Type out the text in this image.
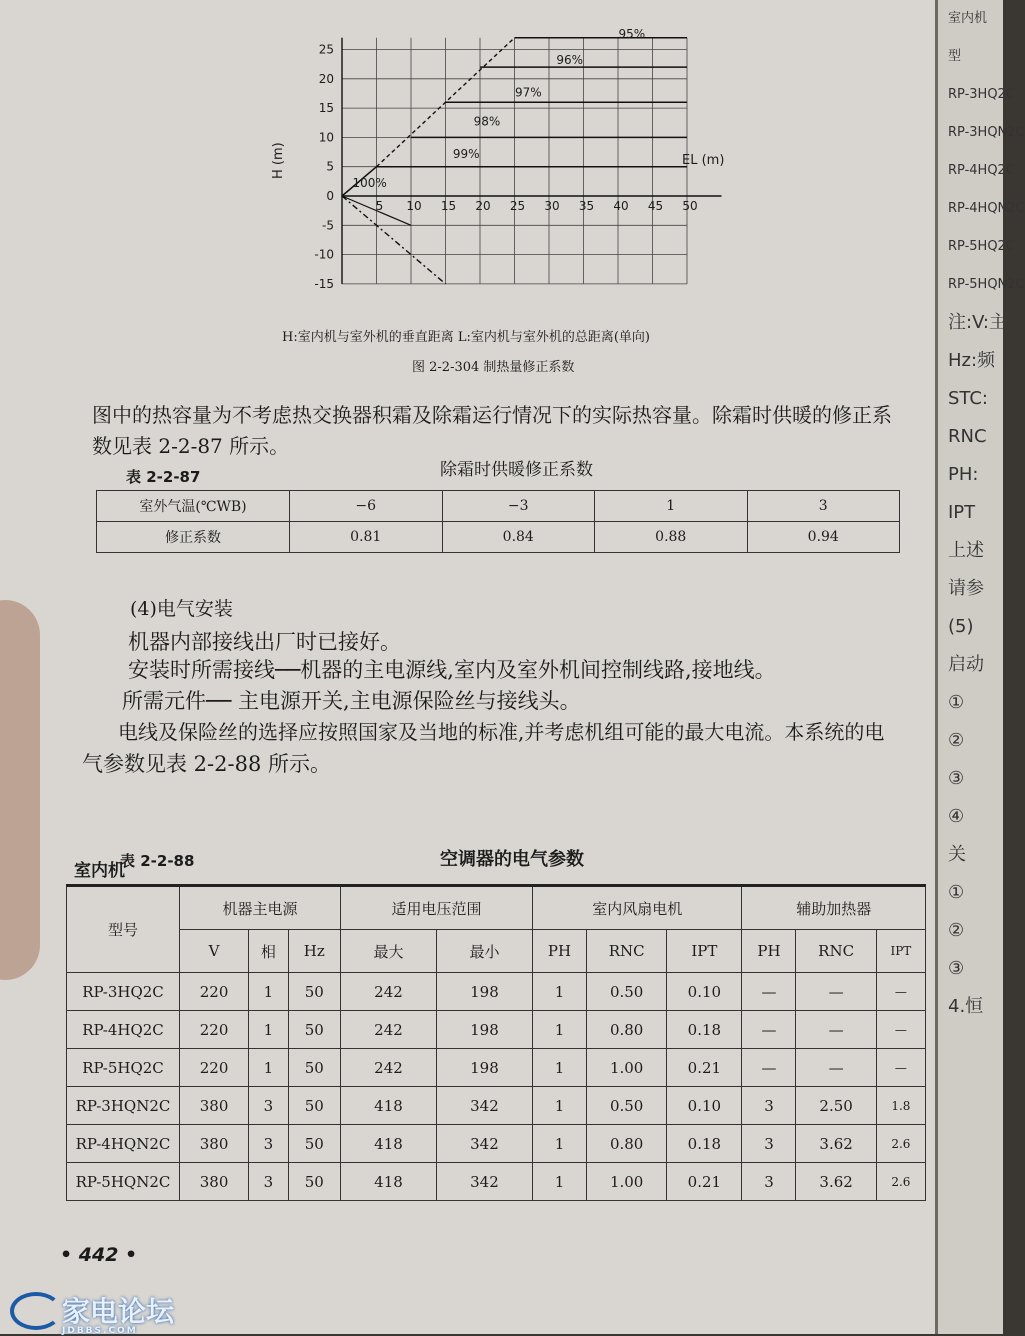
95%
96%
97%
98%
99%
100%
25
20
15
10
5
0
-5
-10
-15
5 10 15 20 25 30 35 40 45 50
H (m)	EL (m)
H:室内机与室外机的垂直距离 L:室内机与室外机的总距离(单向)
图 2-2-304 制热量修正系数
图中的热容量为不考虑热交换器积霜及除霜运行情况下的实际热容量。除霜时供暖的修正系
数见表 2-2-87 所示。
表 2-2-87	除霜时供暖修正系数
室外气温(℃WB)	−6	−3	1	3
修正系数	0.81	0.84	0.88	0.94
(4)电气安装
机器内部接线出厂时已接好。
安装时所需接线──机器的主电源线,室内及室外机间控制线路,接地线。
所需元件── 主电源开关,主电源保险丝与接线头。
电线及保险丝的选择应按照国家及当地的标准,并考虑机组可能的最大电流。本系统的电
气参数见表 2-2-88 所示。
表 2-2-88	空调器的电气参数
室内机
型号	机器主电源			适用电压范围		室内风扇电机			辅助加热器		
	V	相	Hz	最大	最小	PH	RNC	IPT	PH	RNC	IPT
RP-3HQ2C	220	1	50	242	198	1	0.50	0.10	—	—	—
RP-4HQ2C	220	1	50	242	198	1	0.80	0.18	—	—	—
RP-5HQ2C	220	1	50	242	198	1	1.00	0.21	—	—	—
RP-3HQN2C	380	3	50	418	342	1	0.50	0.10	3	2.50	1.8
RP-4HQN2C	380	3	50	418	342	1	0.80	0.18	3	3.62	2.6
RP-5HQN2C	380	3	50	418	342	1	1.00	0.21	3	3.62	2.6
• 442 •
家电论坛
JDBBS.COM
室内机
型
RP-3HQ2C
RP-3HQN2C
RP-4HQ2C
RP-4HQN2C
RP-5HQ2C
RP-5HQN2C
注:V:主
Hz:频
STC:
RNC
PH:
IPT
上述
请参
(5)
启动
①
②
③
④
关
①
②
③
4.恒
